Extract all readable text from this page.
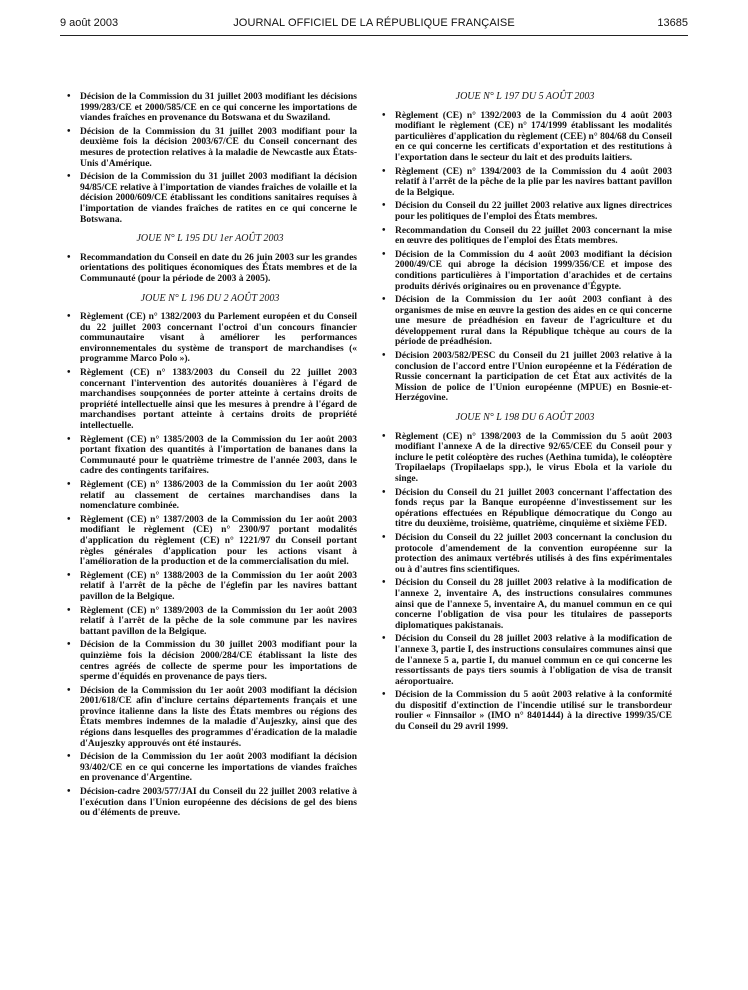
9 août 2003	JOURNAL OFFICIEL DE LA RÉPUBLIQUE FRANÇAISE	13685
• Décision de la Commission du 31 juillet 2003 modifiant les décisions 1999/283/CE et 2000/585/CE en ce qui concerne les importations de viandes fraîches en provenance du Botswana et du Swaziland.
• Décision de la Commission du 31 juillet 2003 modifiant pour la deuxième fois la décision 2003/67/CE du Conseil concernant des mesures de protection relatives à la maladie de Newcastle aux États-Unis d'Amérique.
• Décision de la Commission du 31 juillet 2003 modifiant la décision 94/85/CE relative à l'importation de viandes fraîches de volaille et la décision 2000/609/CE établissant les conditions sanitaires requises à l'importation de viandes fraîches de ratites en ce qui concerne le Botswana.
JOUE N° L 195 DU 1er AOÛT 2003
• Recommandation du Conseil en date du 26 juin 2003 sur les grandes orientations des politiques économiques des États membres et de la Communauté (pour la période de 2003 à 2005).
JOUE N° L 196 DU 2 AOÛT 2003
• Règlement (CE) n° 1382/2003 du Parlement européen et du Conseil du 22 juillet 2003 concernant l'octroi d'un concours financier communautaire visant à améliorer les performances environnementales du système de transport de marchandises (« programme Marco Polo »).
• Règlement (CE) n° 1383/2003 du Conseil du 22 juillet 2003 concernant l'intervention des autorités douanières à l'égard de marchandises soupçonnées de porter atteinte à certains droits de propriété intellectuelle ainsi que les mesures à prendre à l'égard de marchandises portant atteinte à certains droits de propriété intellectuelle.
• Règlement (CE) n° 1385/2003 de la Commission du 1er août 2003 portant fixation des quantités à l'importation de bananes dans la Communauté pour le quatrième trimestre de l'année 2003, dans le cadre des contingents tarifaires.
• Règlement (CE) n° 1386/2003 de la Commission du 1er août 2003 relatif au classement de certaines marchandises dans la nomenclature combinée.
• Règlement (CE) n° 1387/2003 de la Commission du 1er août 2003 modifiant le règlement (CE) n° 2300/97 portant modalités d'application du règlement (CE) n° 1221/97 du Conseil portant règles générales d'application pour les actions visant à l'amélioration de la production et de la commercialisation du miel.
• Règlement (CE) n° 1388/2003 de la Commission du 1er août 2003 relatif à l'arrêt de la pêche de l'églefin par les navires battant pavillon de la Belgique.
• Règlement (CE) n° 1389/2003 de la Commission du 1er août 2003 relatif à l'arrêt de la pêche de la sole commune par les navires battant pavillon de la Belgique.
• Décision de la Commission du 30 juillet 2003 modifiant pour la quinzième fois la décision 2000/284/CE établissant la liste des centres agréés de collecte de sperme pour les importations de sperme d'équidés en provenance de pays tiers.
• Décision de la Commission du 1er août 2003 modifiant la décision 2001/618/CE afin d'inclure certains départements français et une province italienne dans la liste des États membres ou régions des États membres indemnes de la maladie d'Aujeszky, ainsi que des régions dans lesquelles des programmes d'éradication de la maladie d'Aujeszky approuvés ont été instaurés.
• Décision de la Commission du 1er août 2003 modifiant la décision 93/402/CE en ce qui concerne les importations de viandes fraîches en provenance d'Argentine.
• Décision-cadre 2003/577/JAI du Conseil du 22 juillet 2003 relative à l'exécution dans l'Union européenne des décisions de gel des biens ou d'éléments de preuve.
JOUE N° L 197 DU 5 AOÛT 2003
• Règlement (CE) n° 1392/2003 de la Commission du 4 août 2003 modifiant le règlement (CE) n° 174/1999 établissant les modalités particulières d'application du règlement (CEE) n° 804/68 du Conseil en ce qui concerne les certificats d'exportation et des restitutions à l'exportation dans le secteur du lait et des produits laitiers.
• Règlement (CE) n° 1394/2003 de la Commission du 4 août 2003 relatif à l'arrêt de la pêche de la plie par les navires battant pavillon de la Belgique.
• Décision du Conseil du 22 juillet 2003 relative aux lignes directrices pour les politiques de l'emploi des États membres.
• Recommandation du Conseil du 22 juillet 2003 concernant la mise en œuvre des politiques de l'emploi des États membres.
• Décision de la Commission du 4 août 2003 modifiant la décision 2000/49/CE qui abroge la décision 1999/356/CE et impose des conditions particulières à l'importation d'arachides et de certains produits dérivés originaires ou en provenance d'Égypte.
• Décision de la Commission du 1er août 2003 confiant à des organismes de mise en œuvre la gestion des aides en ce qui concerne une mesure de préadhésion en faveur de l'agriculture et du développement rural dans la République tchèque au cours de la période de préadhésion.
• Décision 2003/582/PESC du Conseil du 21 juillet 2003 relative à la conclusion de l'accord entre l'Union européenne et la Fédération de Russie concernant la participation de cet État aux activités de la Mission de police de l'Union européenne (MPUE) en Bosnie-et-Herzégovine.
JOUE N° L 198 DU 6 AOÛT 2003
• Règlement (CE) n° 1398/2003 de la Commission du 5 août 2003 modifiant l'annexe A de la directive 92/65/CEE du Conseil pour y inclure le petit coléoptère des ruches (Aethina tumida), le coléoptère Tropilaelaps (Tropilaelaps spp.), le virus Ebola et la variole du singe.
• Décision du Conseil du 21 juillet 2003 concernant l'affectation des fonds reçus par la Banque européenne d'investissement sur les opérations effectuées en République démocratique du Congo au titre du deuxième, troisième, quatrième, cinquième et sixième FED.
• Décision du Conseil du 22 juillet 2003 concernant la conclusion du protocole d'amendement de la convention européenne sur la protection des animaux vertébrés utilisés à des fins expérimentales ou à d'autres fins scientifiques.
• Décision du Conseil du 28 juillet 2003 relative à la modification de l'annexe 2, inventaire A, des instructions consulaires communes ainsi que de l'annexe 5, inventaire A, du manuel commun en ce qui concerne l'obligation de visa pour les titulaires de passeports diplomatiques pakistanais.
• Décision du Conseil du 28 juillet 2003 relative à la modification de l'annexe 3, partie I, des instructions consulaires communes ainsi que de l'annexe 5 a, partie I, du manuel commun en ce qui concerne les ressortissants de pays tiers soumis à l'obligation de visa de transit aéroportuaire.
• Décision de la Commission du 5 août 2003 relative à la conformité du dispositif d'extinction de l'incendie utilisé sur le transbordeur roulier « Finnsailor » (IMO n° 8401444) à la directive 1999/35/CE du Conseil du 29 avril 1999.
